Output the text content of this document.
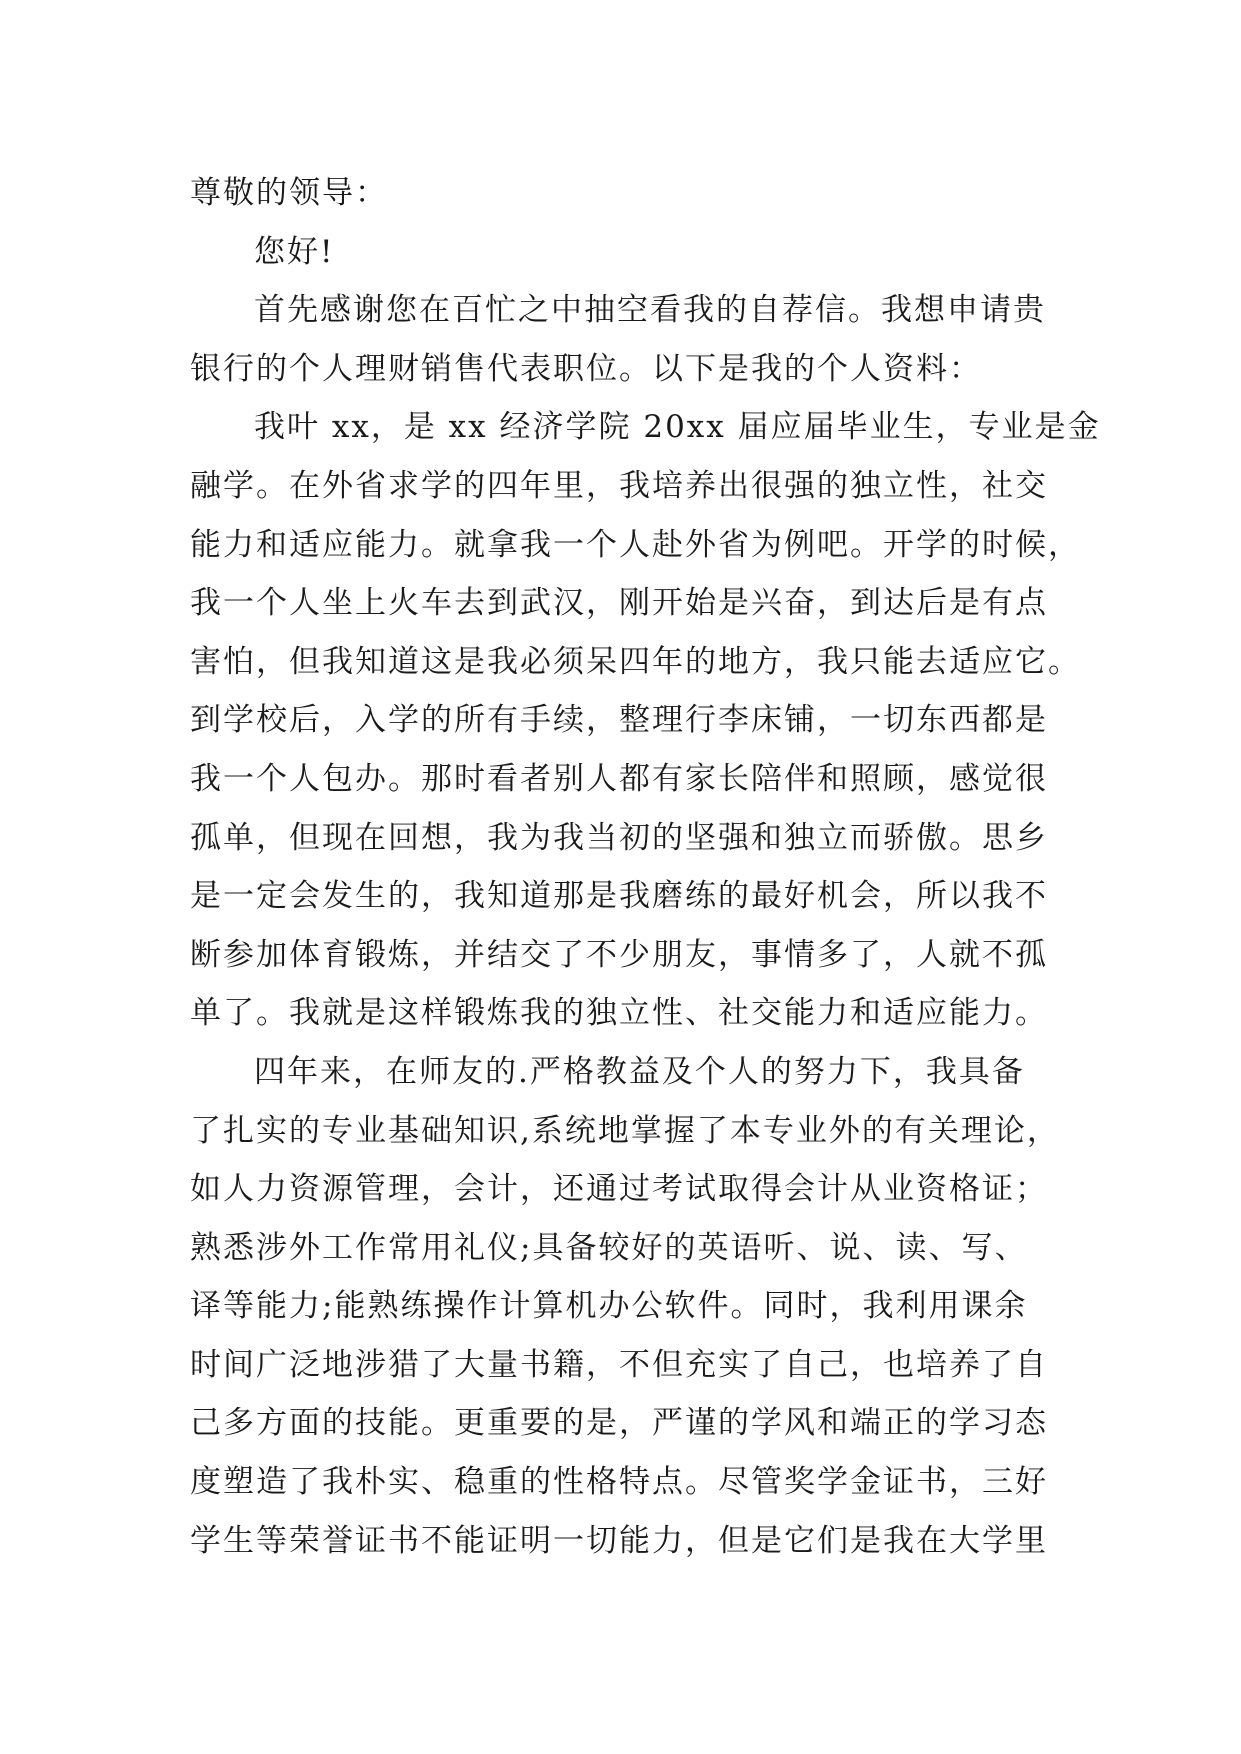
尊敬的领导：
您好!
首先感谢您在百忙之中抽空看我的自荐信。我想申请贵
银行的个人理财销售代表职位。以下是我的个人资料：
我叶 xx，是 xx 经济学院 20xx 届应届毕业生，专业是金
融学。在外省求学的四年里，我培养出很强的独立性，社交
能力和适应能力。就拿我一个人赴外省为例吧。开学的时候，
我一个人坐上火车去到武汉，刚开始是兴奋，到达后是有点
害怕，但我知道这是我必须呆四年的地方，我只能去适应它。
到学校后，入学的所有手续，整理行李床铺，一切东西都是
我一个人包办。那时看者别人都有家长陪伴和照顾，感觉很
孤单，但现在回想，我为我当初的坚强和独立而骄傲。思乡
是一定会发生的，我知道那是我磨练的最好机会，所以我不
断参加体育锻炼，并结交了不少朋友，事情多了，人就不孤
单了。我就是这样锻炼我的独立性、社交能力和适应能力。
四年来，在师友的.严格教益及个人的努力下，我具备
了扎实的专业基础知识,系统地掌握了本专业外的有关理论，
如人力资源管理，会计，还通过考试取得会计从业资格证；
熟悉涉外工作常用礼仪;具备较好的英语听、说、读、写、
译等能力;能熟练操作计算机办公软件。同时，我利用课余
时间广泛地涉猎了大量书籍，不但充实了自己，也培养了自
己多方面的技能。更重要的是，严谨的学风和端正的学习态
度塑造了我朴实、稳重的性格特点。尽管奖学金证书，三好
学生等荣誉证书不能证明一切能力，但是它们是我在大学里
